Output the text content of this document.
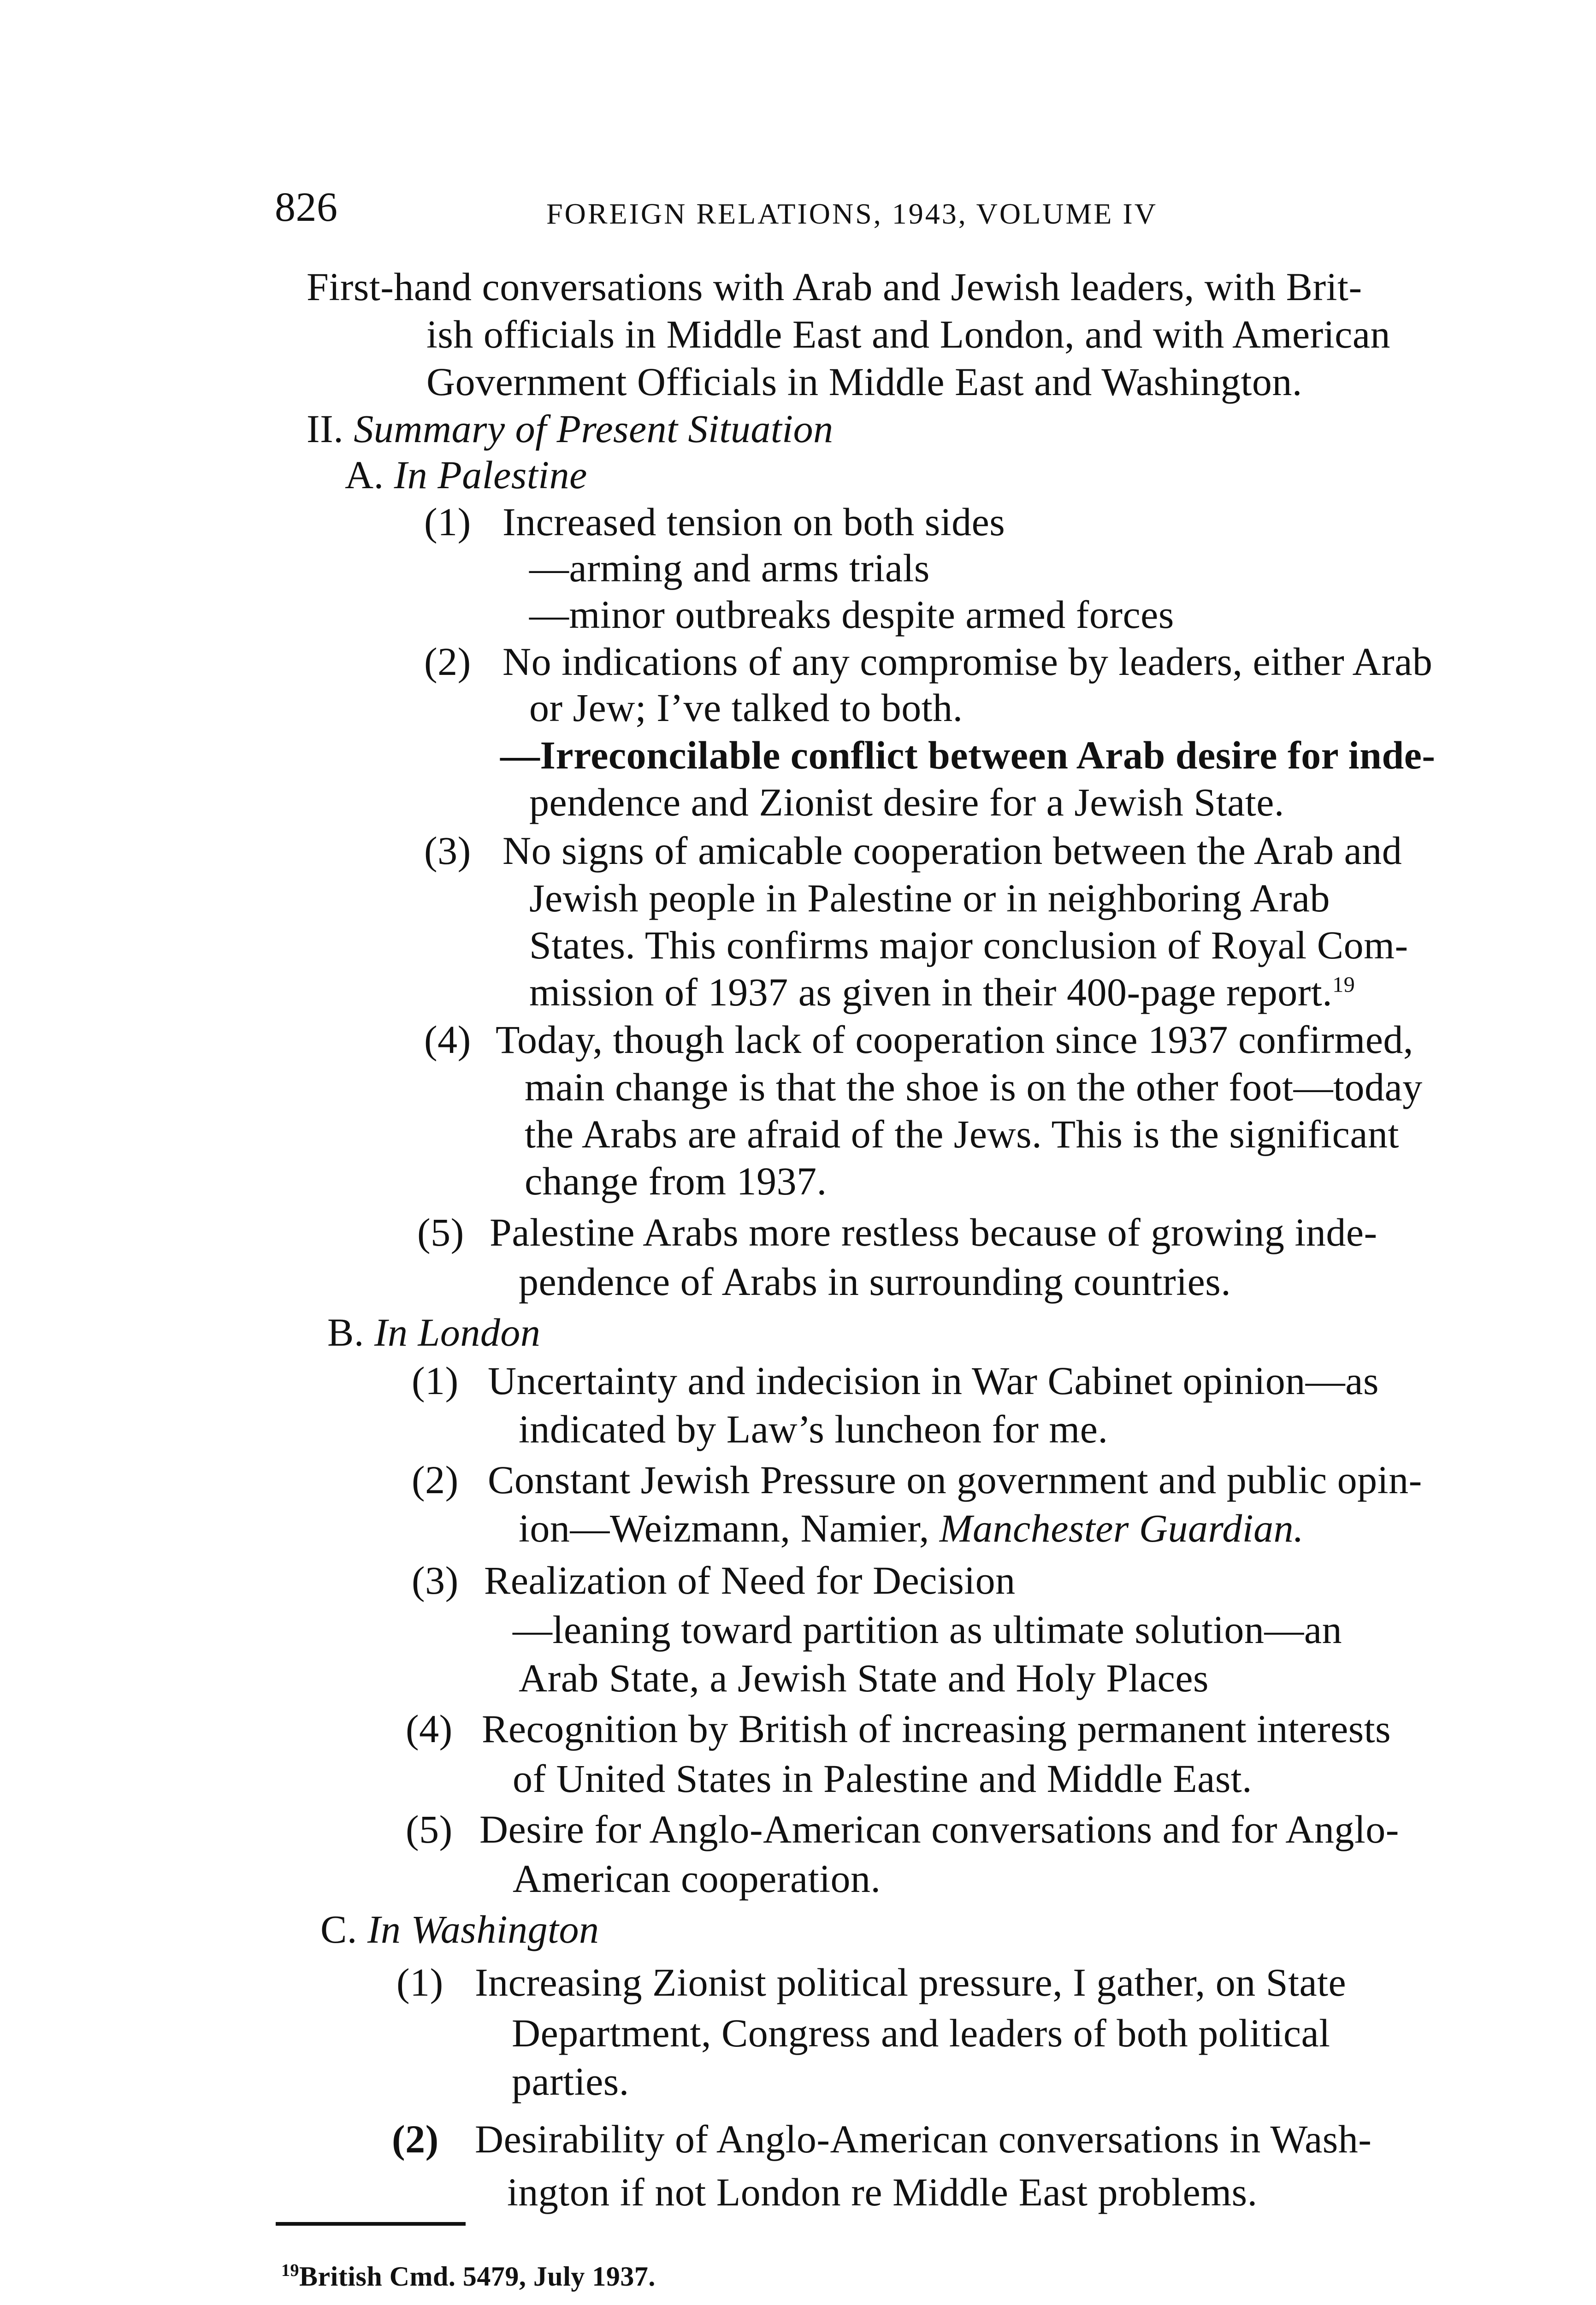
826	FOREIGN RELATIONS, 1943, VOLUME IV

First-hand conversations with Arab and Jewish leaders, with Brit-

ish officials in Middle East and London, and with American

Government Officials in Middle East and Washington.

II. Summary of Present Situation

A. In Palestine

(1) Increased tension on both sides

—arming and arms trials

—minor outbreaks despite armed forces

(2) No indications of any compromise by leaders, either Arab

or Jew; I’ve talked to both.

—Irreconcilable conflict between Arab desire for inde-

pendence and Zionist desire for a Jewish State.

(3) No signs of amicable cooperation between the Arab and

Jewish people in Palestine or in neighboring Arab

States. This confirms major conclusion of Royal Com-

mission of 1937 as given in their 400-page report.$^{19}$

(4) Today, though lack of cooperation since 1937 confirmed,

main change is that the shoe is on the other foot—today

the Arabs are afraid of the Jews. This is the significant

change from 1937.

(5) Palestine Arabs more restless because of growing inde-

pendence of Arabs in surrounding countries.

B. In London

(1) Uncertainty and indecision in War Cabinet opinion—as

indicated by Law’s luncheon for me.

(2) Constant Jewish Pressure on government and public opin-

ion—Weizmann, Namier, Manchester Guardian.

(3) Realization of Need for Decision

—leaning toward partition as ultimate solution—an

Arab State, a Jewish State and Holy Places

(4) Recognition by British of increasing permanent interests

of United States in Palestine and Middle East.

(5) Desire for Anglo-American conversations and for Anglo-

American cooperation.

C. In Washington

(1) Increasing Zionist political pressure, I gather, on State

Department, Congress and leaders of both political

parties.

(2) Desirability of Anglo-American conversations in Wash-

ington if not London re Middle East problems.

$^{19}$British Cmd. 5479, July 1937.
